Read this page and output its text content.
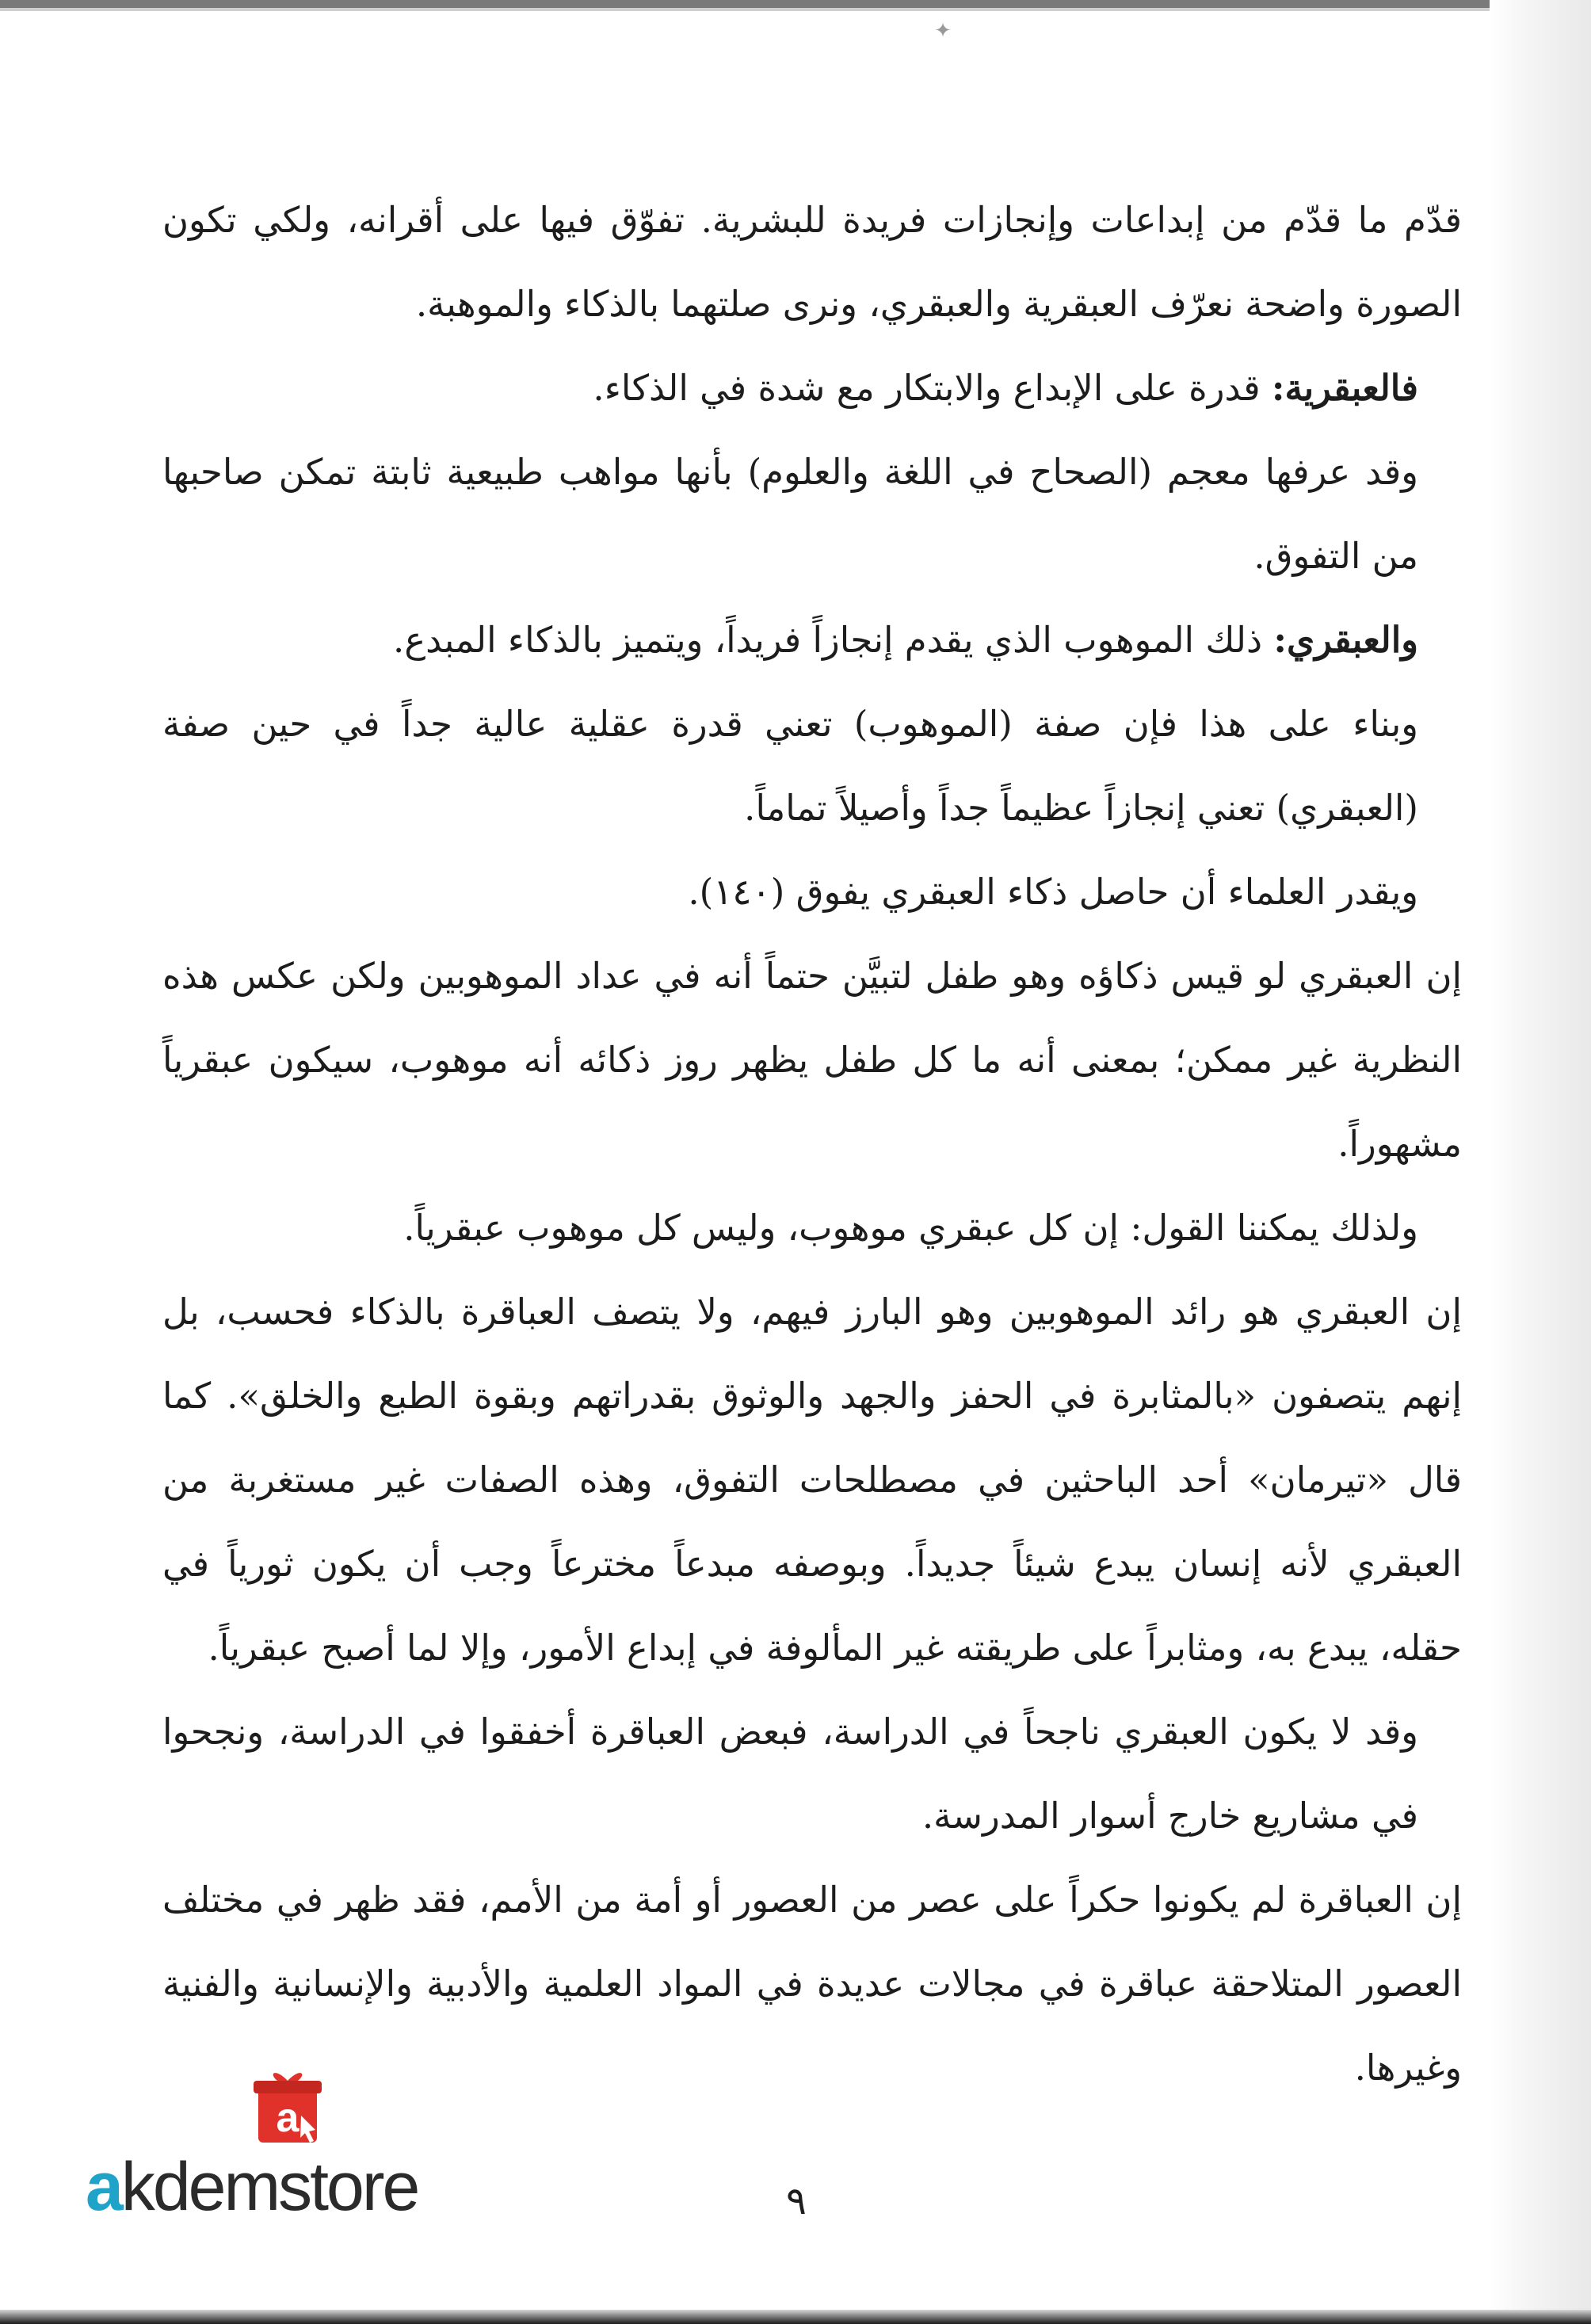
✦

قدّم ما قدّم من إبداعات وإنجازات فريدة للبشرية. تفوّق فيها على أقرانه، ولكي تكون الصورة واضحة نعرّف العبقرية والعبقري، ونرى صلتهما بالذكاء والموهبة.

فالعبقرية: قدرة على الإبداع والابتكار مع شدة في الذكاء.

وقد عرفها معجم (الصحاح في اللغة والعلوم) بأنها مواهب طبيعية ثابتة تمكن صاحبها من التفوق.

والعبقري: ذلك الموهوب الذي يقدم إنجازاً فريداً، ويتميز بالذكاء المبدع.

وبناء على هذا فإن صفة (الموهوب) تعني قدرة عقلية عالية جداً في حين صفة (العبقري) تعني إنجازاً عظيماً جداً وأصيلاً تماماً.

ويقدر العلماء أن حاصل ذكاء العبقري يفوق (١٤٠).

إن العبقري لو قيس ذكاؤه وهو طفل لتبيَّن حتماً أنه في عداد الموهوبين ولكن عكس هذه النظرية غير ممكن؛ بمعنى أنه ما كل طفل يظهر روز ذكائه أنه موهوب، سيكون عبقرياً مشهوراً.

ولذلك يمكننا القول: إن كل عبقري موهوب، وليس كل موهوب عبقرياً.

إن العبقري هو رائد الموهوبين وهو البارز فيهم، ولا يتصف العباقرة بالذكاء فحسب، بل إنهم يتصفون «بالمثابرة في الحفز والجهد والوثوق بقدراتهم وبقوة الطبع والخلق». كما قال «تيرمان» أحد الباحثين في مصطلحات التفوق، وهذه الصفات غير مستغربة من العبقري لأنه إنسان يبدع شيئاً جديداً. وبوصفه مبدعاً مخترعاً وجب أن يكون ثورياً في حقله، يبدع به، ومثابراً على طريقته غير المألوفة في إبداع الأمور، وإلا لما أصبح عبقرياً.

وقد لا يكون العبقري ناجحاً في الدراسة، فبعض العباقرة أخفقوا في الدراسة، ونجحوا في مشاريع خارج أسوار المدرسة.

إن العباقرة لم يكونوا حكراً على عصر من العصور أو أمة من الأمم، فقد ظهر في مختلف العصور المتلاحقة عباقرة في مجالات عديدة في المواد العلمية والأدبية والإنسانية والفنية وغيرها.

٩
a
akdemstore
